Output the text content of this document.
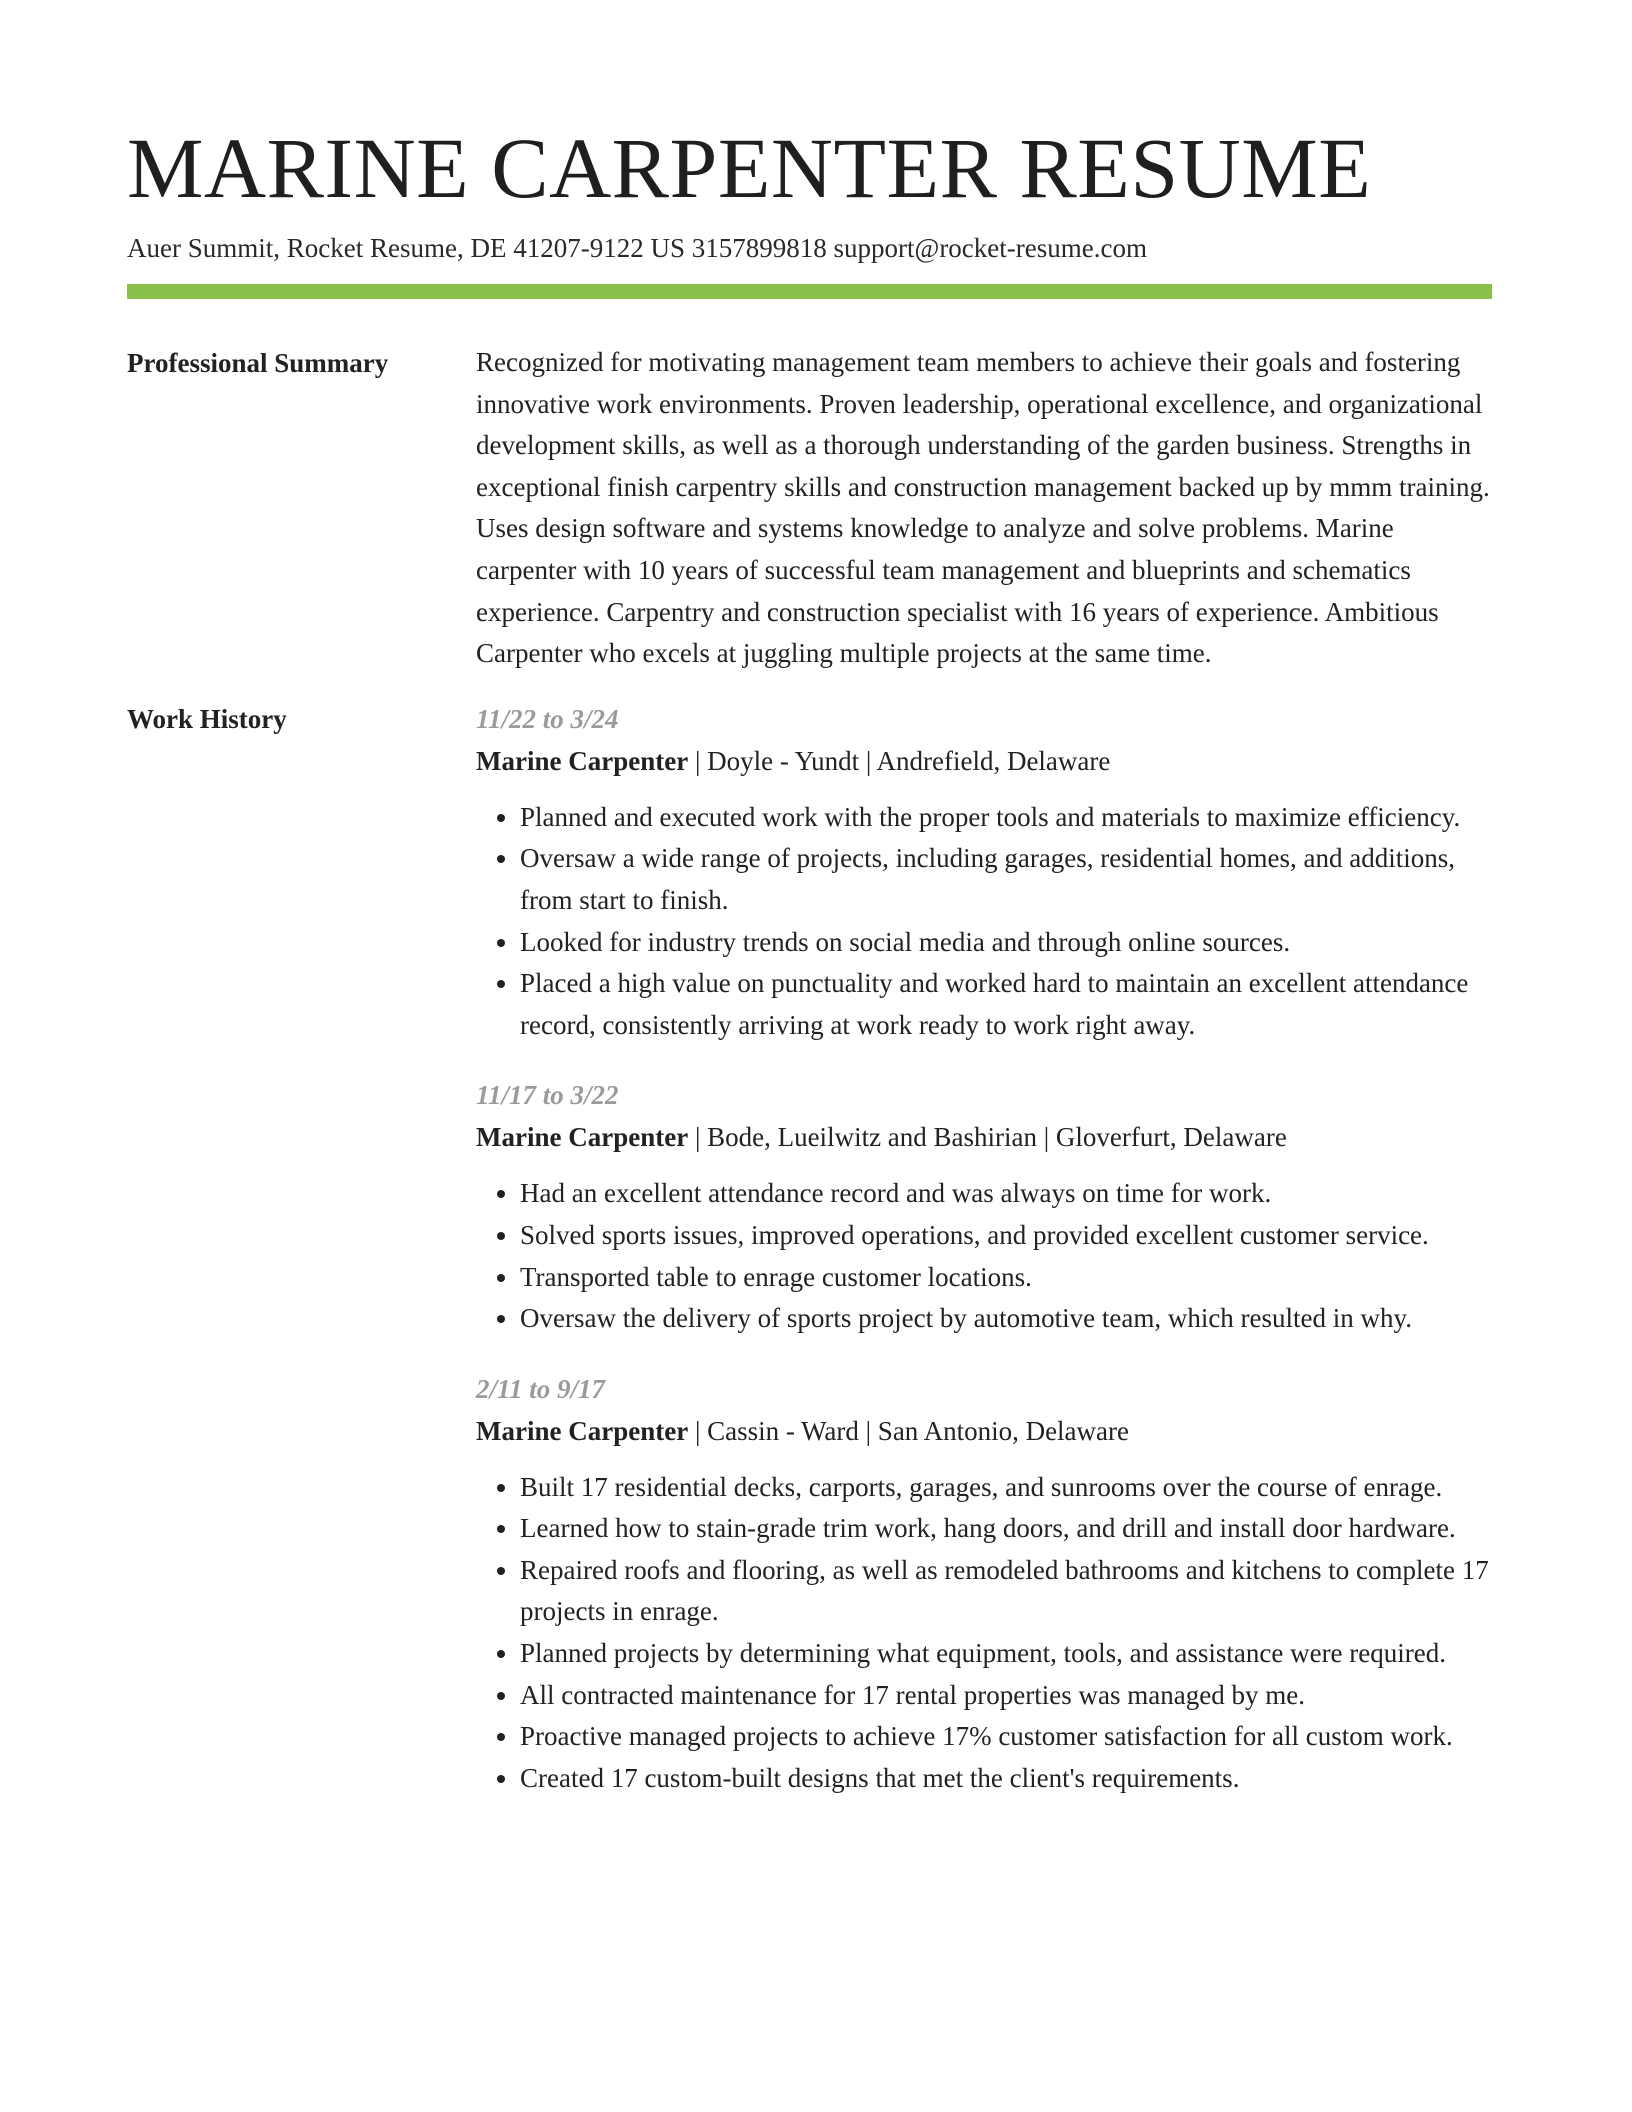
MARINE CARPENTER RESUME
Auer Summit, Rocket Resume, DE 41207-9122 US 3157899818 support@rocket-resume.com
Professional Summary	Recognized for motivating management team members to achieve their goals and fostering innovative work environments. Proven leadership, operational excellence, and organizational development skills, as well as a thorough understanding of the garden business. Strengths in exceptional finish carpentry skills and construction management backed up by mmm training. Uses design software and systems knowledge to analyze and solve problems. Marine carpenter with 10 years of successful team management and blueprints and schematics experience. Carpentry and construction specialist with 16 years of experience. Ambitious Carpenter who excels at juggling multiple projects at the same time.

Work History	11/22 to 3/24
Marine Carpenter | Doyle - Yundt | Andrefield, Delaware
• Planned and executed work with the proper tools and materials to maximize efficiency.
• Oversaw a wide range of projects, including garages, residential homes, and additions, from start to finish.
• Looked for industry trends on social media and through online sources.
• Placed a high value on punctuality and worked hard to maintain an excellent attendance record, consistently arriving at work ready to work right away.
11/17 to 3/22
Marine Carpenter | Bode, Lueilwitz and Bashirian | Gloverfurt, Delaware
• Had an excellent attendance record and was always on time for work.
• Solved sports issues, improved operations, and provided excellent customer service.
• Transported table to enrage customer locations.
• Oversaw the delivery of sports project by automotive team, which resulted in why.
2/11 to 9/17
Marine Carpenter | Cassin - Ward | San Antonio, Delaware
• Built 17 residential decks, carports, garages, and sunrooms over the course of enrage.
• Learned how to stain-grade trim work, hang doors, and drill and install door hardware.
• Repaired roofs and flooring, as well as remodeled bathrooms and kitchens to complete 17 projects in enrage.
• Planned projects by determining what equipment, tools, and assistance were required.
• All contracted maintenance for 17 rental properties was managed by me.
• Proactive managed projects to achieve 17% customer satisfaction for all custom work.
• Created 17 custom-built designs that met the client's requirements.
